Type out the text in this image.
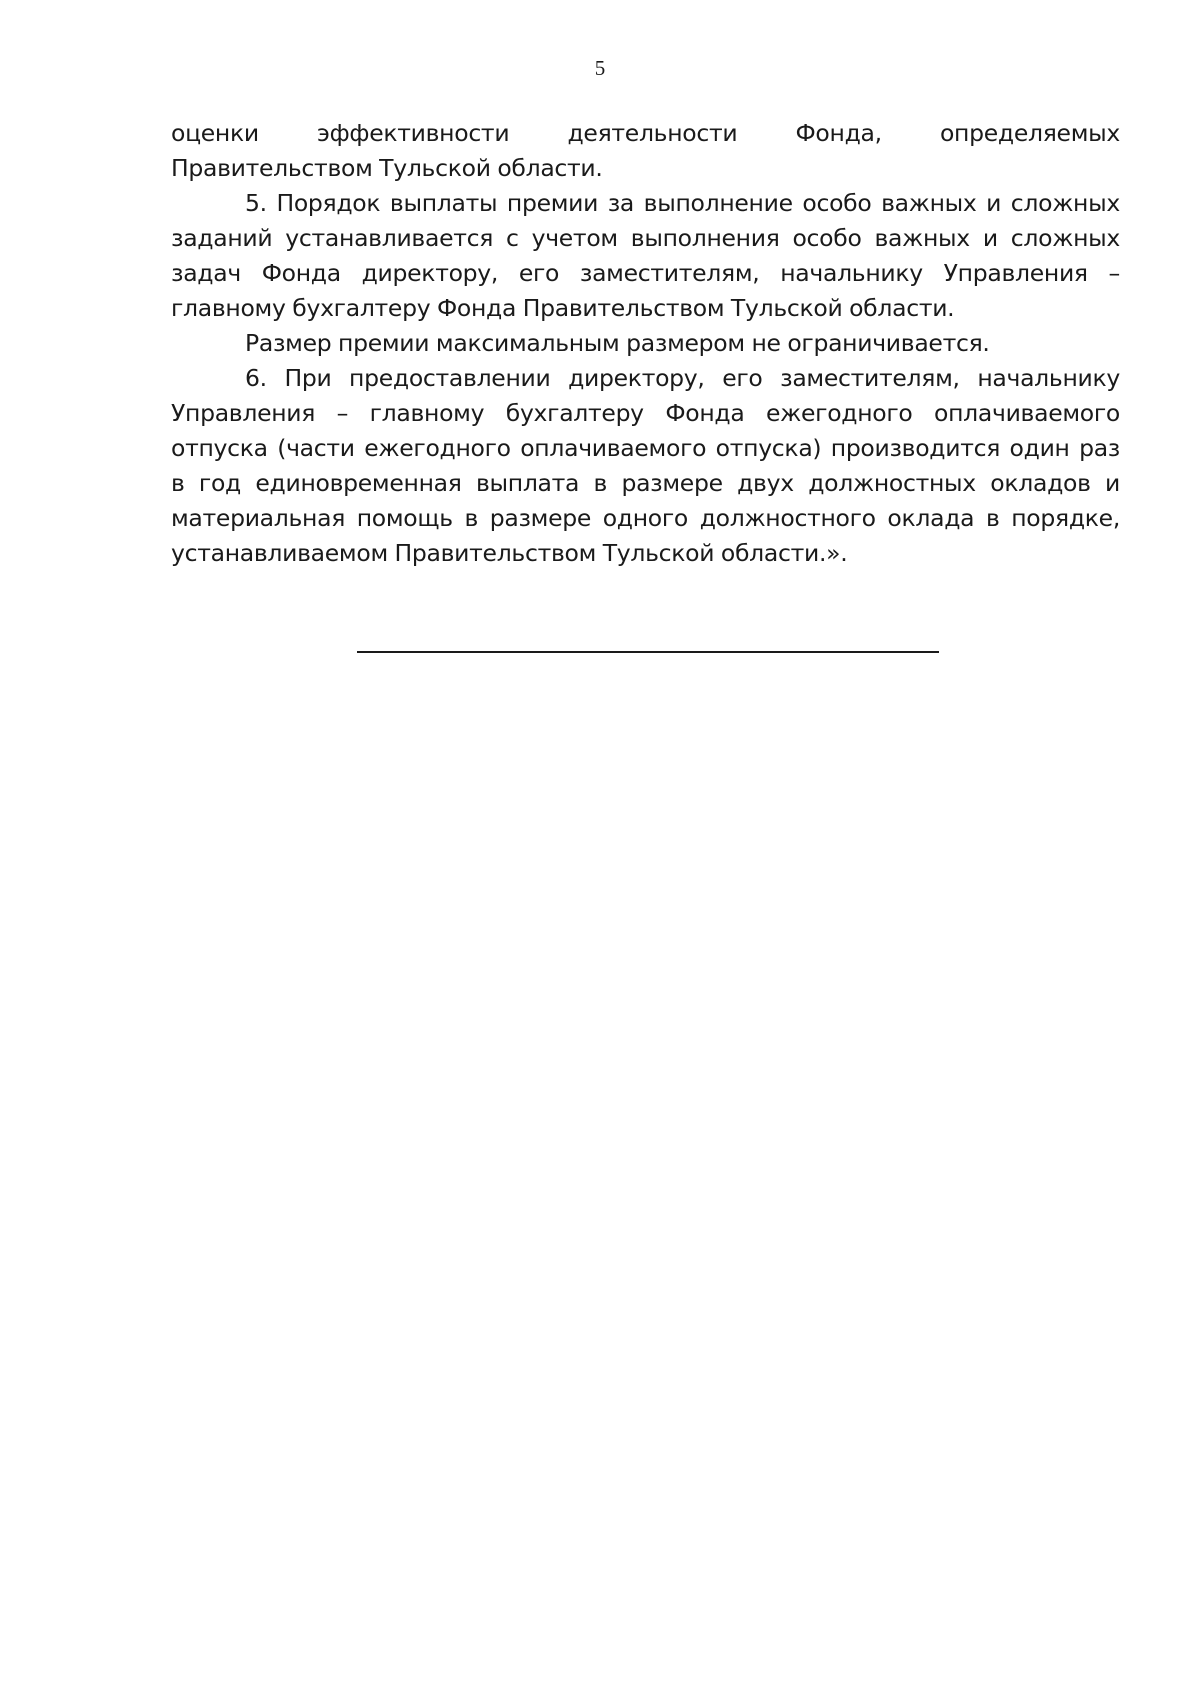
5

оценки эффективности деятельности Фонда, определяемых Правительством Тульской области.

5. Порядок выплаты премии за выполнение особо важных и сложных заданий устанавливается с учетом выполнения особо важных и сложных задач Фонда директору, его заместителям, начальнику Управления – главному бухгалтеру Фонда Правительством Тульской области.

Размер премии максимальным размером не ограничивается.

6. При предоставлении директору, его заместителям, начальнику Управления – главному бухгалтеру Фонда ежегодного оплачиваемого отпуска (части ежегодного оплачиваемого отпуска) производится один раз в год единовременная выплата в размере двух должностных окладов и материальная помощь в размере одного должностного оклада в порядке, устанавливаемом Правительством Тульской области.».
